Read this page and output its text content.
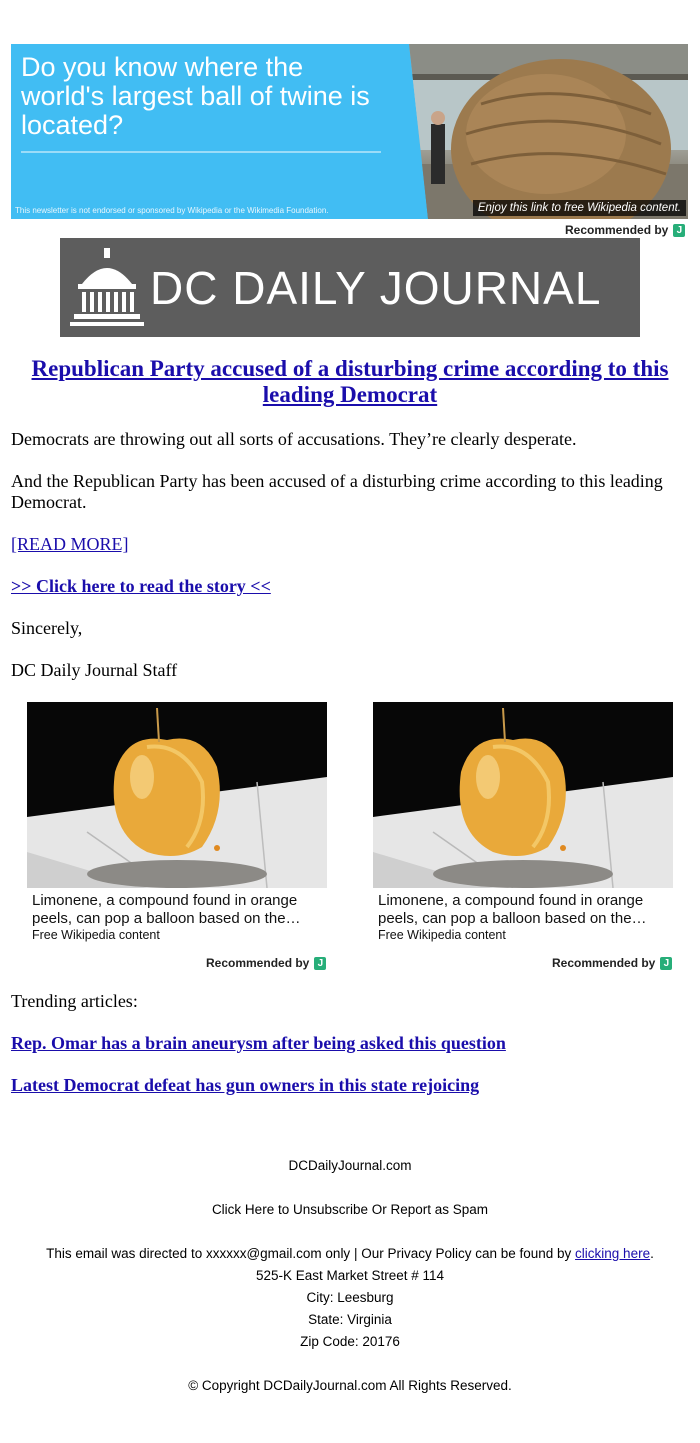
Do you know where the world's largest ball of twine is located?

This newsletter is not endorsed or sponsored by Wikipedia or the Wikimedia Foundation.	Enjoy this link to free Wikipedia content.
Recommended by J
DC DAILY JOURNAL
Republican Party accused of a disturbing crime according to this leading Democrat

Democrats are throwing out all sorts of accusations. They’re clearly desperate.

And the Republican Party has been accused of a disturbing crime according to this leading Democrat.

[READ MORE]

>> Click here to read the story <<

Sincerely,

DC Daily Journal Staff

Limonene, a compound found in orange peels, can pop a balloon based on the…

Free Wikipedia content
Recommended by J

Limonene, a compound found in orange peels, can pop a balloon based on the…

Free Wikipedia content
Recommended by J

Trending articles:

Rep. Omar has a brain aneurysm after being asked this question

Latest Democrat defeat has gun owners in this state rejoicing

DCDailyJournal.com

Click Here to Unsubscribe Or Report as Spam

This email was directed to xxxxxx@gmail.com only | Our Privacy Policy can be found by clicking here.

525-K East Market Street # 114

City: Leesburg

State: Virginia

Zip Code: 20176

© Copyright DCDailyJournal.com All Rights Reserved.
